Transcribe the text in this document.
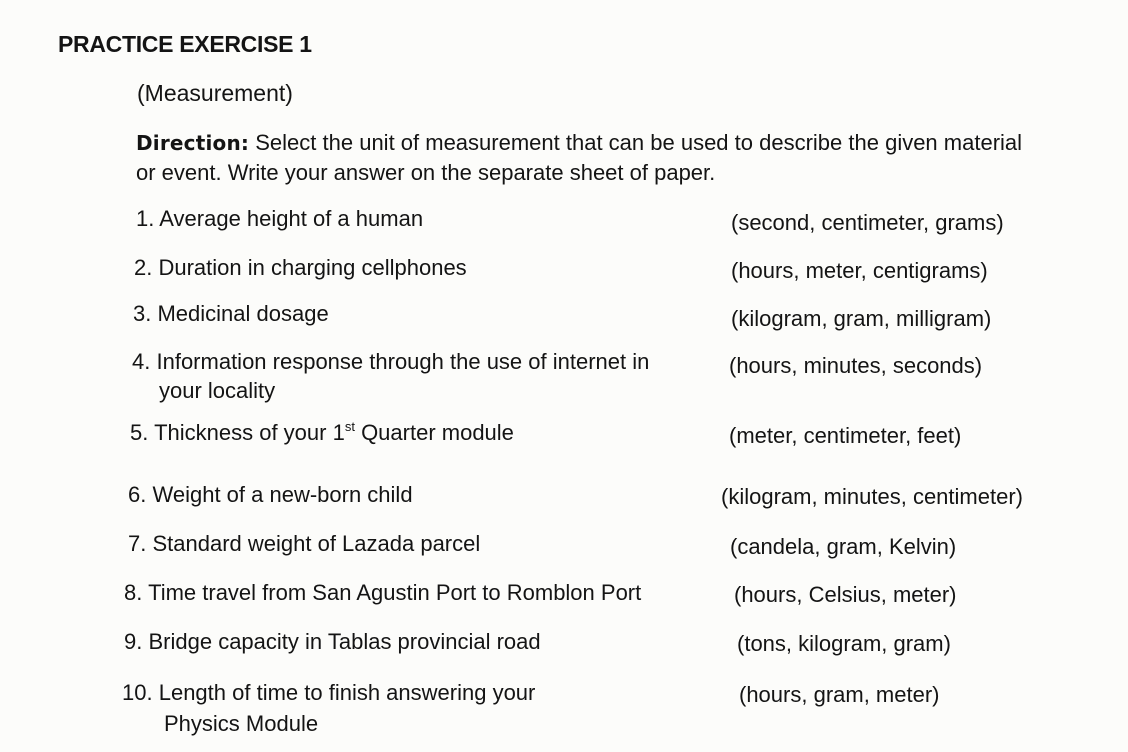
PRACTICE EXERCISE 1
(Measurement)
Direction: Select the unit of measurement that can be used to describe the given material or event. Write your answer on the separate sheet of paper.
1. Average height of a human	(second, centimeter, grams)
2. Duration in charging cellphones	(hours, meter, centigrams)
3. Medicinal dosage	(kilogram, gram, milligram)
4. Information response through the use of internet in
your locality
(hours, minutes, seconds)
5. Thickness of your 1st Quarter module	(meter, centimeter, feet)
6. Weight of a new-born child	(kilogram, minutes, centimeter)
7. Standard weight of Lazada parcel	(candela, gram, Kelvin)
8. Time travel from San Agustin Port to Romblon Port	(hours, Celsius, meter)
9. Bridge capacity in Tablas provincial road	(tons, kilogram, gram)
10. Length of time to finish answering your
Physics Module
(hours, gram, meter)
